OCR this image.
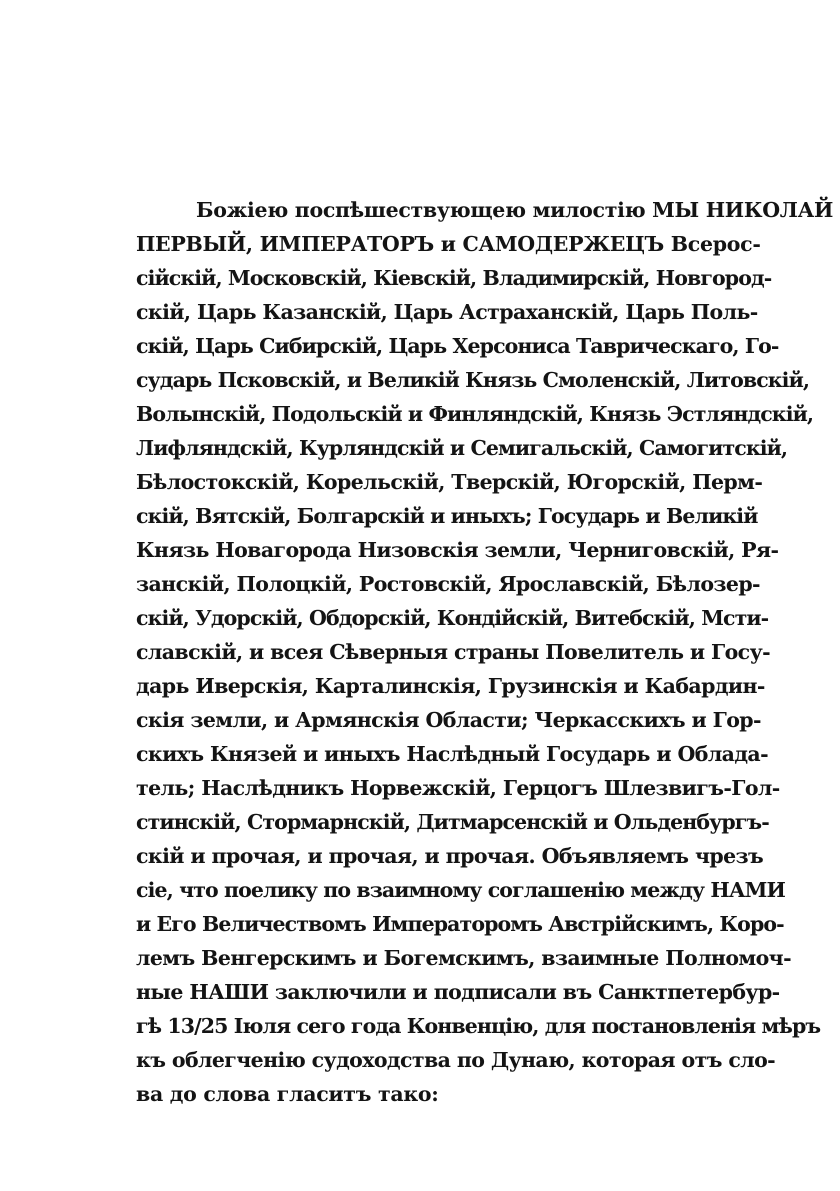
Божiею поспѣшествующею милостiю МЫ НИКОЛАЙ
ПЕРВЫЙ, ИМПЕРАТОРЪ и САМОДЕРЖЕЦЪ Всерос-
сiйскiй, Московскiй, Кiевскiй, Владимирскiй, Новгород-
скiй, Царь Казанскiй, Царь Астраханскiй, Царь Поль-
скiй, Царь Сибирскiй, Царь Херсониса Таврическаго, Го-
сударь Псковскiй, и Великiй Князь Смоленскiй, Литовскiй,
Волынскiй, Подольскiй и Финляндскiй, Князь Эстляндскiй,
Лифляндскiй, Курляндскiй и Семигальскiй, Самогитскiй,
Бѣлостокскiй, Корельскiй, Тверскiй, Югорскiй, Перм-
скiй, Вятскiй, Болгарскiй и иныхъ; Государь и Великiй
Князь Новагорода Низовскiя земли, Черниговскiй, Ря-
занскiй, Полоцкiй, Ростовскiй, Ярославскiй, Бѣлозер-
скiй, Удорскiй, Обдорскiй, Кондiйскiй, Витебскiй, Мсти-
славскiй, и всея Сѣверныя страны Повелитель и Госу-
дарь Иверскiя, Карталинскiя, Грузинскiя и Кабардин-
скiя земли, и Армянскiя Области; Черкасскихъ и Гор-
скихъ Князей и иныхъ Наслѣдный Государь и Облада-
тель; Наслѣдникъ Норвежскiй, Герцогъ Шлезвигъ-Гол-
стинскiй, Стормарнскiй, Дитмарсенскiй и Ольденбургъ-
скiй и прочая, и прочая, и прочая. Объявляемъ чрезъ
сiе, что поелику по взаимному соглашенiю между НАМИ
и Его Величествомъ Императоромъ Австрiйскимъ, Коро-
лемъ Венгерскимъ и Богемскимъ, взаимные Полномоч-
ные НАШИ заключили и подписали въ Санктпетербур-
гѣ 13/25 Iюля сего года Конвенцiю, для постановленiя мѣръ
къ облегченiю судоходства по Дунаю, которая отъ сло-
ва до слова гласитъ тако:
